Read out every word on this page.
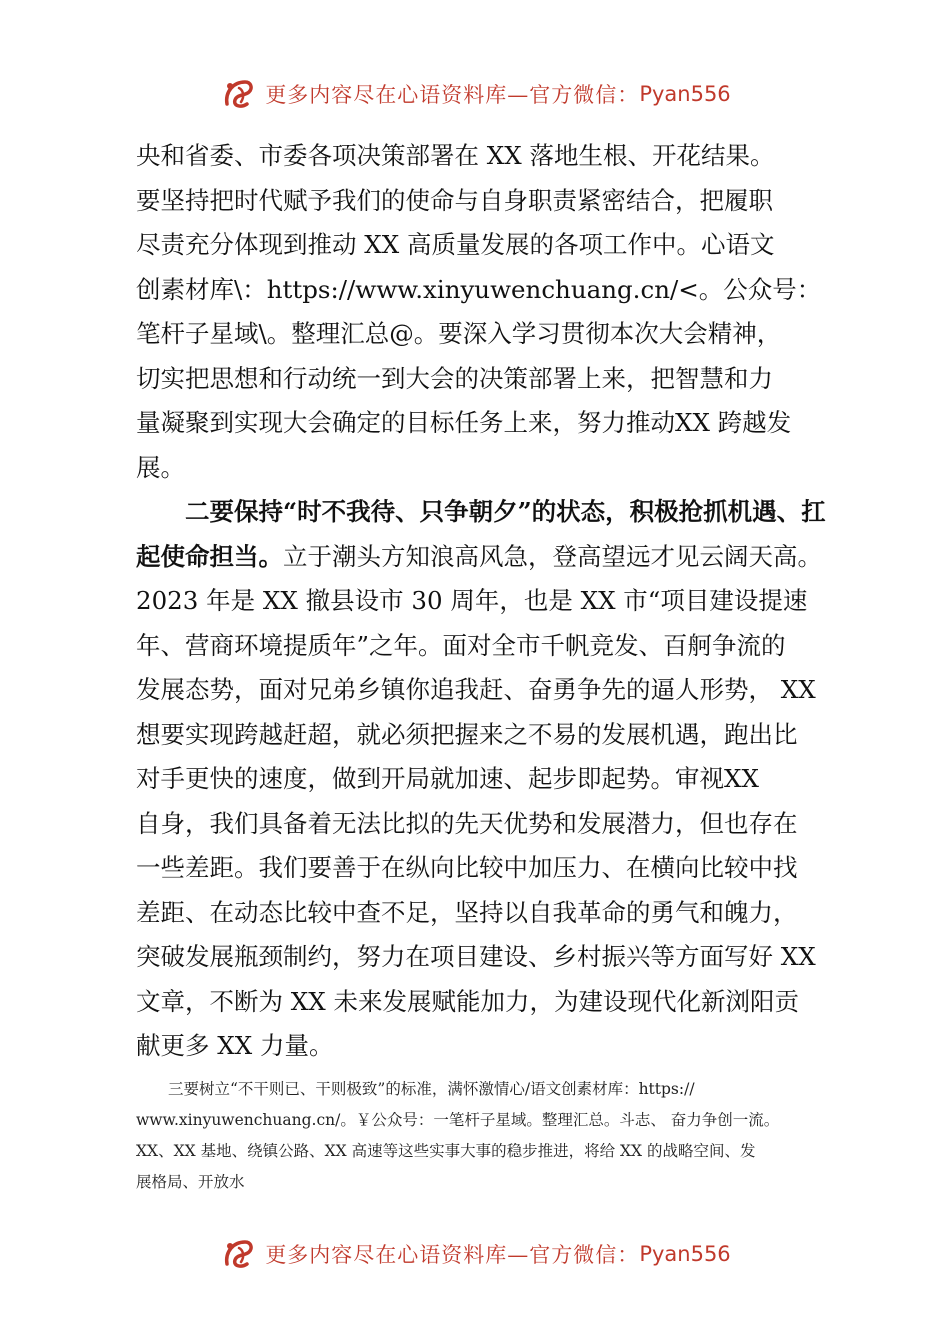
更多内容尽在心语资料库—官方微信： Pyan556

央和省委、市委各项决策部署在 XX 落地生根、开花结果。
要坚持把时代赋予我们的使命与自身职责紧密结合，把履职
尽责充分体现到推动 XX 高质量发展的各项工作中。心语文
创素材库\：https://www.xinyuwenchuang.cn/<。公众号：
笔杆子星域\。整理汇总@。要深入学习贯彻本次大会精神，
切实把思想和行动统一到大会的决策部署上来，把智慧和力
量凝聚到实现大会确定的目标任务上来，努力推动XX 跨越发
展。

二要保持“时不我待、只争朝夕”的状态，积极抢抓机遇、扛
起使命担当。立于潮头方知浪高风急，登高望远才见云阔天高。
2023 年是 XX 撤县设市 30 周年，也是 XX 市“项目建设提速
年、营商环境提质年”之年。面对全市千帆竞发、百舸争流的
发展态势，面对兄弟乡镇你追我赶、奋勇争先的逼人形势， XX
想要实现跨越赶超，就必须把握来之不易的发展机遇，跑出比
对手更快的速度，做到开局就加速、起步即起势。审视XX
自身，我们具备着无法比拟的先天优势和发展潜力，但也存在
一些差距。我们要善于在纵向比较中加压力、在横向比较中找
差距、在动态比较中查不足，坚持以自我革命的勇气和魄力，
突破发展瓶颈制约，努力在项目建设、乡村振兴等方面写好 XX
文章，不断为 XX 未来发展赋能加力，为建设现代化新浏阳贡
献更多 XX 力量。

三要树立“不干则已、干则极致”的标准，满怀激情心/语文创素材库：https://
www.xinyuwenchuang.cn/。￥公众号：一笔杆子星域。整理汇总。斗志、 奋力争创一流。
XX、XX 基地、绕镇公路、XX 高速等这些实事大事的稳步推进，将给 XX 的战略空间、发
展格局、开放水
更多内容尽在心语资料库—官方微信： Pyan556
